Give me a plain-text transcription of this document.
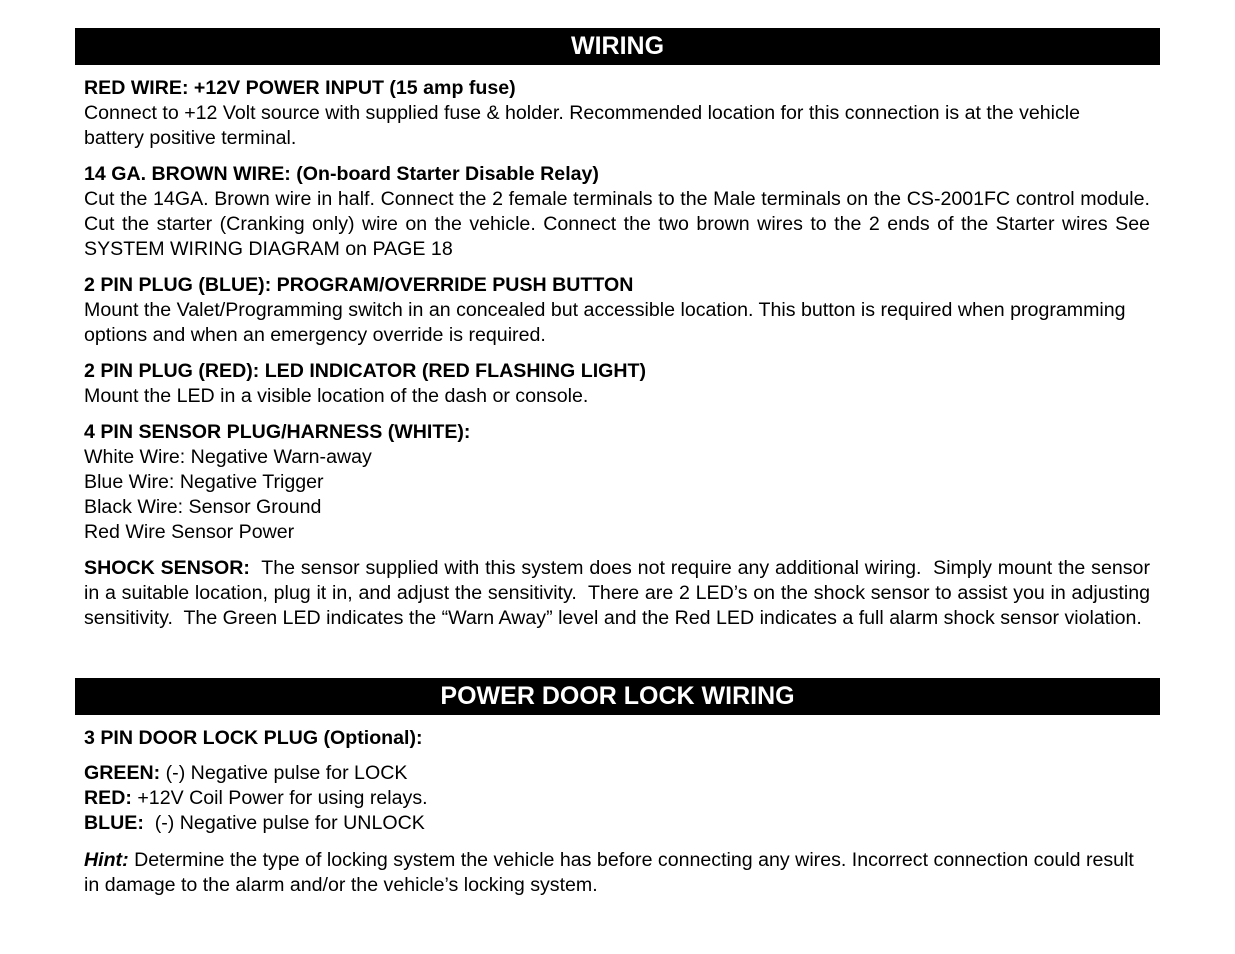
WIRING
RED WIRE: +12V POWER INPUT (15 amp fuse)
Connect to +12 Volt source with supplied fuse & holder. Recommended location for this connection is at the vehicle battery positive terminal.
14 GA. BROWN WIRE: (On-board Starter Disable Relay)
Cut the 14GA. Brown wire in half. Connect the 2 female terminals to the Male terminals on the CS-2001FC control module. Cut the starter (Cranking only) wire on the vehicle. Connect the two brown wires to the 2 ends of the Starter wires See SYSTEM WIRING DIAGRAM on PAGE 18
2 PIN PLUG (BLUE): PROGRAM/OVERRIDE PUSH BUTTON
Mount the Valet/Programming switch in an concealed but accessible location. This button is required when programming options and when an emergency override is required.
2 PIN PLUG (RED): LED INDICATOR (RED FLASHING LIGHT)
Mount the LED in a visible location of the dash or console.
4 PIN SENSOR PLUG/HARNESS (WHITE):
White Wire: Negative Warn-away
Blue Wire: Negative Trigger
Black Wire: Sensor Ground
Red Wire Sensor Power
SHOCK SENSOR:  The sensor supplied with this system does not require any additional wiring.  Simply mount the sensor in a suitable location, plug it in, and adjust the sensitivity.  There are 2 LED’s on the shock sensor to assist you in adjusting sensitivity.  The Green LED indicates the “Warn Away” level and the Red LED indicates a full alarm shock sensor violation.
POWER DOOR LOCK WIRING
3 PIN DOOR LOCK PLUG (Optional):
GREEN: (-) Negative pulse for LOCK
RED: +12V Coil Power for using relays.
BLUE:  (-) Negative pulse for UNLOCK
Hint: Determine the type of locking system the vehicle has before connecting any wires. Incorrect connection could result in damage to the alarm and/or the vehicle’s locking system.
